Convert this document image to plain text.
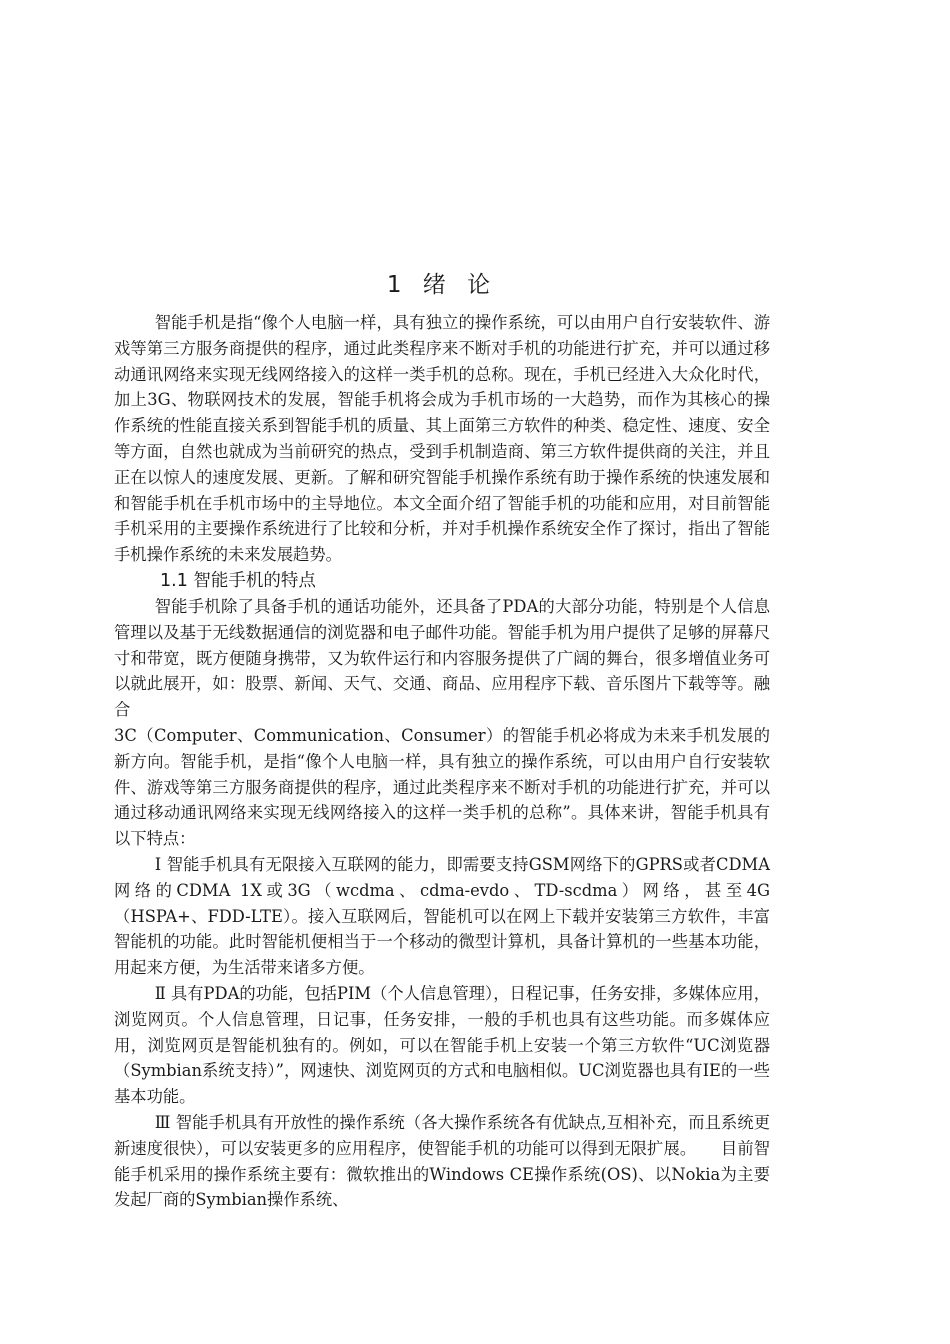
1 绪 论

智能手机是指“像个人电脑一样，具有独立的操作系统，可以由用户自行安装软件、游戏等第三方服务商提供的程序，通过此类程序来不断对手机的功能进行扩充，并可以通过移动通讯网络来实现无线网络接入的这样一类手机的总称。现在，手机已经进入大众化时代，加上3G、物联网技术的发展，智能手机将会成为手机市场的一大趋势，而作为其核心的操作系统的性能直接关系到智能手机的质量、其上面第三方软件的种类、稳定性、速度、安全等方面，自然也就成为当前研究的热点，受到手机制造商、第三方软件提供商的关注，并且正在以惊人的速度发展、更新。了解和研究智能手机操作系统有助于操作系统的快速发展和和智能手机在手机市场中的主导地位。本文全面介绍了智能手机的功能和应用，对目前智能手机采用的主要操作系统进行了比较和分析，并对手机操作系统安全作了探讨，指出了智能手机操作系统的未来发展趋势。

1.1 智能手机的特点

智能手机除了具备手机的通话功能外，还具备了PDA的大部分功能，特别是个人信息管理以及基于无线数据通信的浏览器和电子邮件功能。智能手机为用户提供了足够的屏幕尺寸和带宽，既方便随身携带，又为软件运行和内容服务提供了广阔的舞台，很多增值业务可以就此展开，如：股票、新闻、天气、交通、商品、应用程序下载、音乐图片下载等等。融合

3C（Computer、Communication、Consumer）的智能手机必将成为未来手机发展的新方向。智能手机，是指“像个人电脑一样，具有独立的操作系统，可以由用户自行安装软件、游戏等第三方服务商提供的程序，通过此类程序来不断对手机的功能进行扩充，并可以通过移动通讯网络来实现无线网络接入的这样一类手机的总称”。具体来讲，智能手机具有以下特点：

Ⅰ 智能手机具有无限接入互联网的能力，即需要支持GSM网络下的GPRS或者CDMA网络的CDMA 1X或3G（wcdma、cdma-evdo、TD-scdma）网络，甚至4G（HSPA+、FDD-LTE）。接入互联网后，智能机可以在网上下载并安装第三方软件，丰富智能机的功能。此时智能机便相当于一个移动的微型计算机，具备计算机的一些基本功能，用起来方便，为生活带来诸多方便。

Ⅱ 具有PDA的功能，包括PIM（个人信息管理），日程记事，任务安排，多媒体应用，浏览网页。个人信息管理，日记事，任务安排，一般的手机也具有这些功能。而多媒体应用，浏览网页是智能机独有的。例如，可以在智能手机上安装一个第三方软件“UC浏览器（Symbian系统支持）”，网速快、浏览网页的方式和电脑相似。UC浏览器也具有IE的一些基本功能。

Ⅲ 智能手机具有开放性的操作系统（各大操作系统各有优缺点,互相补充，而且系统更新速度很快），可以安装更多的应用程序，使智能手机的功能可以得到无限扩展。　　目前智能手机采用的操作系统主要有：微软推出的Windows CE操作系统(OS)、以Nokia为主要发起厂商的Symbian操作系统、
